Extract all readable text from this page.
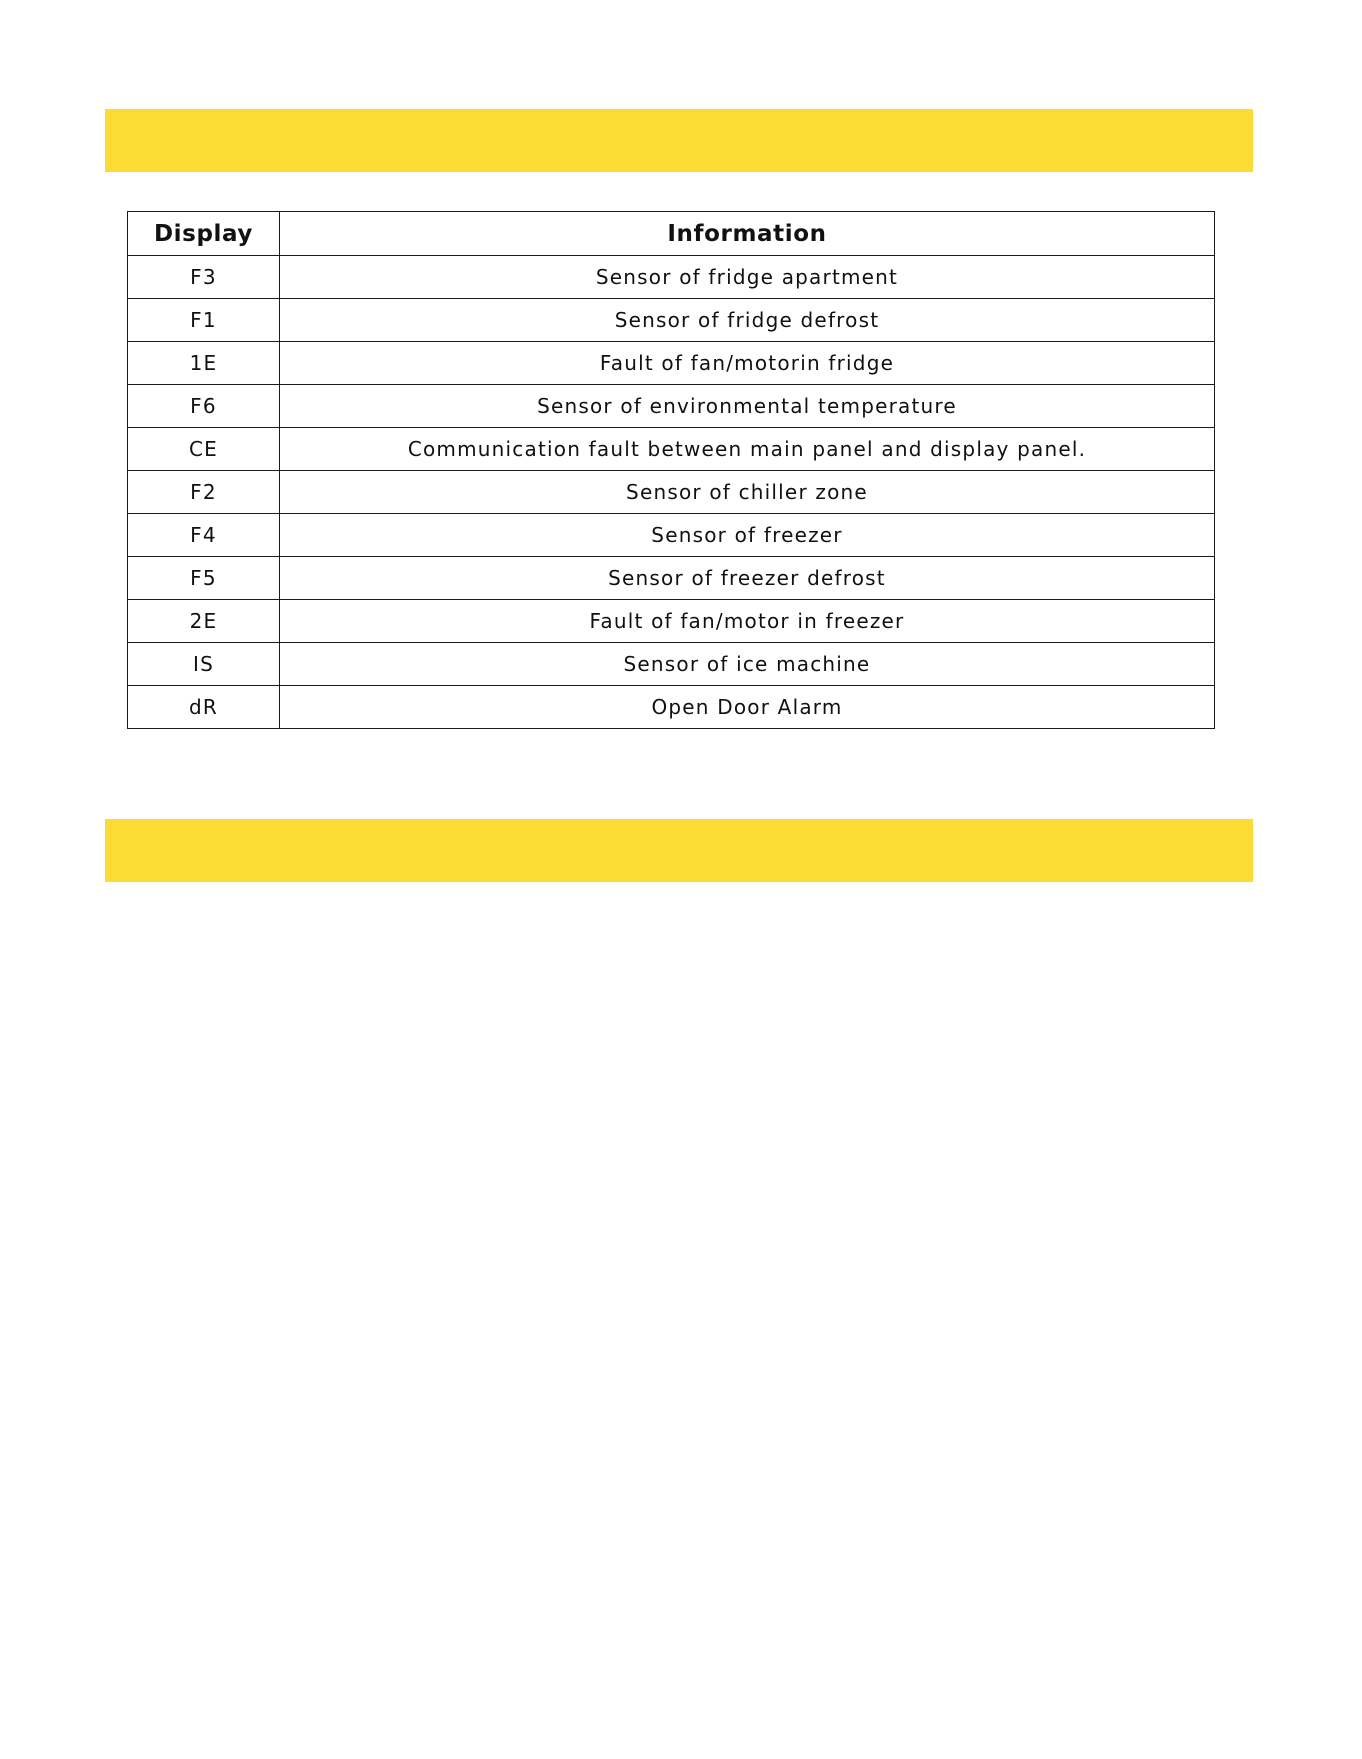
Display	Information
F3	Sensor of fridge apartment
F1	Sensor of fridge defrost
1E	Fault of fan/motorin fridge
F6	Sensor of environmental temperature
CE	Communication fault between main panel and display panel.
F2	Sensor of chiller zone
F4	Sensor of freezer
F5	Sensor of freezer defrost
2E	Fault of fan/motor in freezer
IS	Sensor of ice machine
dR	Open Door Alarm
